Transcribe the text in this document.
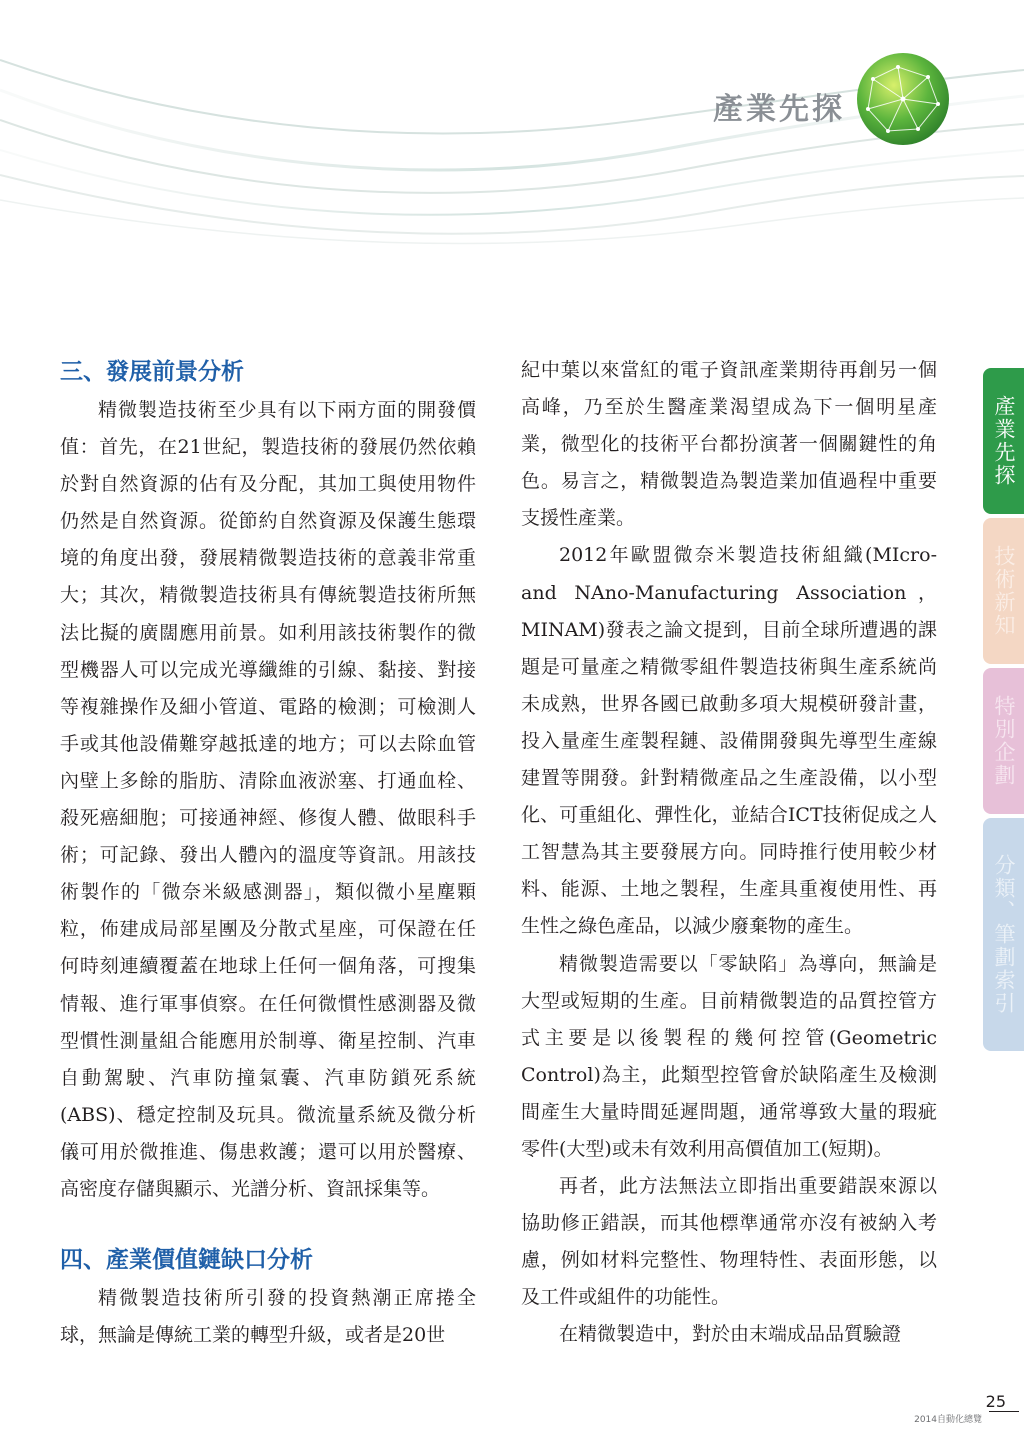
產業先探
三、發展前景分析

精微製造技術至少具有以下兩方面的開發價值：首先，在21世紀，製造技術的發展仍然依賴於對自然資源的佔有及分配，其加工與使用物件仍然是自然資源。從節約自然資源及保護生態環境的角度出發，發展精微製造技術的意義非常重大；其次，精微製造技術具有傳統製造技術所無法比擬的廣闊應用前景。如利用該技術製作的微型機器人可以完成光導纖維的引線、黏接、對接等複雜操作及細小管道、電路的檢測；可檢測人手或其他設備難穿越抵達的地方；可以去除血管內壁上多餘的脂肪、清除血液淤塞、打通血栓、殺死癌細胞；可接通神經、修復人體、做眼科手術；可記錄、發出人體內的溫度等資訊。用該技術製作的「微奈米級感測器」，類似微小星塵顆粒，佈建成局部星團及分散式星座，可保證在任何時刻連續覆蓋在地球上任何一個角落，可搜集情報、進行軍事偵察。在任何微慣性感測器及微型慣性測量組合能應用於制導、衛星控制、汽車自動駕駛、汽車防撞氣囊、汽車防鎖死系統(ABS)、穩定控制及玩具。微流量系統及微分析儀可用於微推進、傷患救護；還可以用於醫療、高密度存儲與顯示、光譜分析、資訊採集等。

四、產業價值鏈缺口分析

精微製造技術所引發的投資熱潮正席捲全球，無論是傳統工業的轉型升級，或者是20世

紀中葉以來當紅的電子資訊產業期待再創另一個高峰，乃至於生醫產業渴望成為下一個明星產業，微型化的技術平台都扮演著一個關鍵性的角色。易言之，精微製造為製造業加值過程中重要支援性產業。

2012年歐盟微奈米製造技術組織(MIcro-and NAno-Manufacturing Association，MINAM)發表之論文提到，目前全球所遭遇的課題是可量產之精微零組件製造技術與生產系統尚未成熟，世界各國已啟動多項大規模研發計畫，投入量產生產製程鏈、設備開發與先導型生產線建置等開發。針對精微產品之生產設備，以小型化、可重組化、彈性化，並結合ICT技術促成之人工智慧為其主要發展方向。同時推行使用較少材料、能源、土地之製程，生產具重複使用性、再生性之綠色產品，以減少廢棄物的產生。

精微製造需要以「零缺陷」為導向，無論是大型或短期的生產。目前精微製造的品質控管方式主要是以後製程的幾何控管(Geometric Control)為主，此類型控管會於缺陷產生及檢測間產生大量時間延遲問題，通常導致大量的瑕疵零件(大型)或未有效利用高價值加工(短期)。

再者，此方法無法立即指出重要錯誤來源以協助修正錯誤，而其他標準通常亦沒有被納入考慮，例如材料完整性、物理特性、表面形態，以及工件或組件的功能性。

在精微製造中，對於由末端成品品質驗證

產業先探
技術新知
特別企劃
分類、筆劃索引
25
2014自動化總覽
